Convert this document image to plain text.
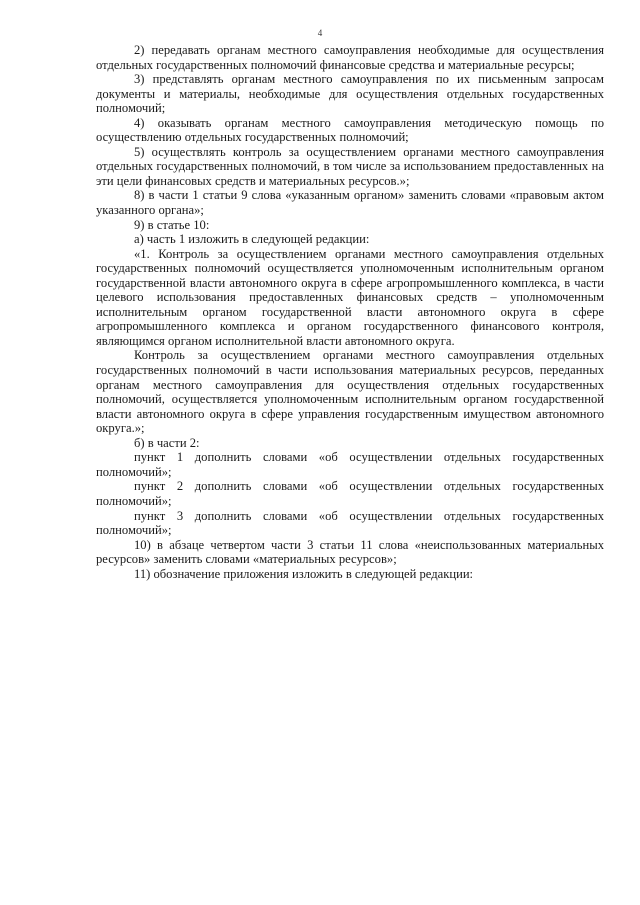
4

2) передавать органам местного самоуправления необходимые для осуществления отдельных государственных полномочий финансовые средства и материальные ресурсы;

3) представлять органам местного самоуправления по их письменным запросам документы и материалы, необходимые для осуществления отдельных государственных полномочий;

4) оказывать органам местного самоуправления методическую помощь по осуществлению отдельных государственных полномочий;

5) осуществлять контроль за осуществлением органами местного самоуправления отдельных государственных полномочий, в том числе за использованием предоставленных на эти цели финансовых средств и материальных ресурсов.»;

8) в части 1 статьи 9 слова «указанным органом» заменить словами «правовым актом указанного органа»;

9) в статье 10:

а) часть 1 изложить в следующей редакции:

«1. Контроль за осуществлением органами местного самоуправления отдельных государственных полномочий осуществляется уполномоченным исполнительным органом государственной власти автономного округа в сфере агропромышленного комплекса, в части целевого использования предоставленных финансовых средств – уполномоченным исполнительным органом государственной власти автономного округа в сфере агропромышленного комплекса и органом государственного финансового контроля, являющимся органом исполнительной власти автономного округа.

Контроль за осуществлением органами местного самоуправления отдельных государственных полномочий в части использования материальных ресурсов, переданных органам местного самоуправления для осуществления отдельных государственных полномочий, осуществляется уполномоченным исполнительным органом государственной власти автономного округа в сфере управления государственным имуществом автономного округа.»;

б) в части 2:

пункт 1 дополнить словами «об осуществлении отдельных государственных полномочий»;

пункт 2 дополнить словами «об осуществлении отдельных государственных полномочий»;

пункт 3 дополнить словами «об осуществлении отдельных государственных полномочий»;

10) в абзаце четвертом части 3 статьи 11 слова «неиспользованных материальных ресурсов» заменить словами «материальных ресурсов»;

11) обозначение приложения изложить в следующей редакции:
